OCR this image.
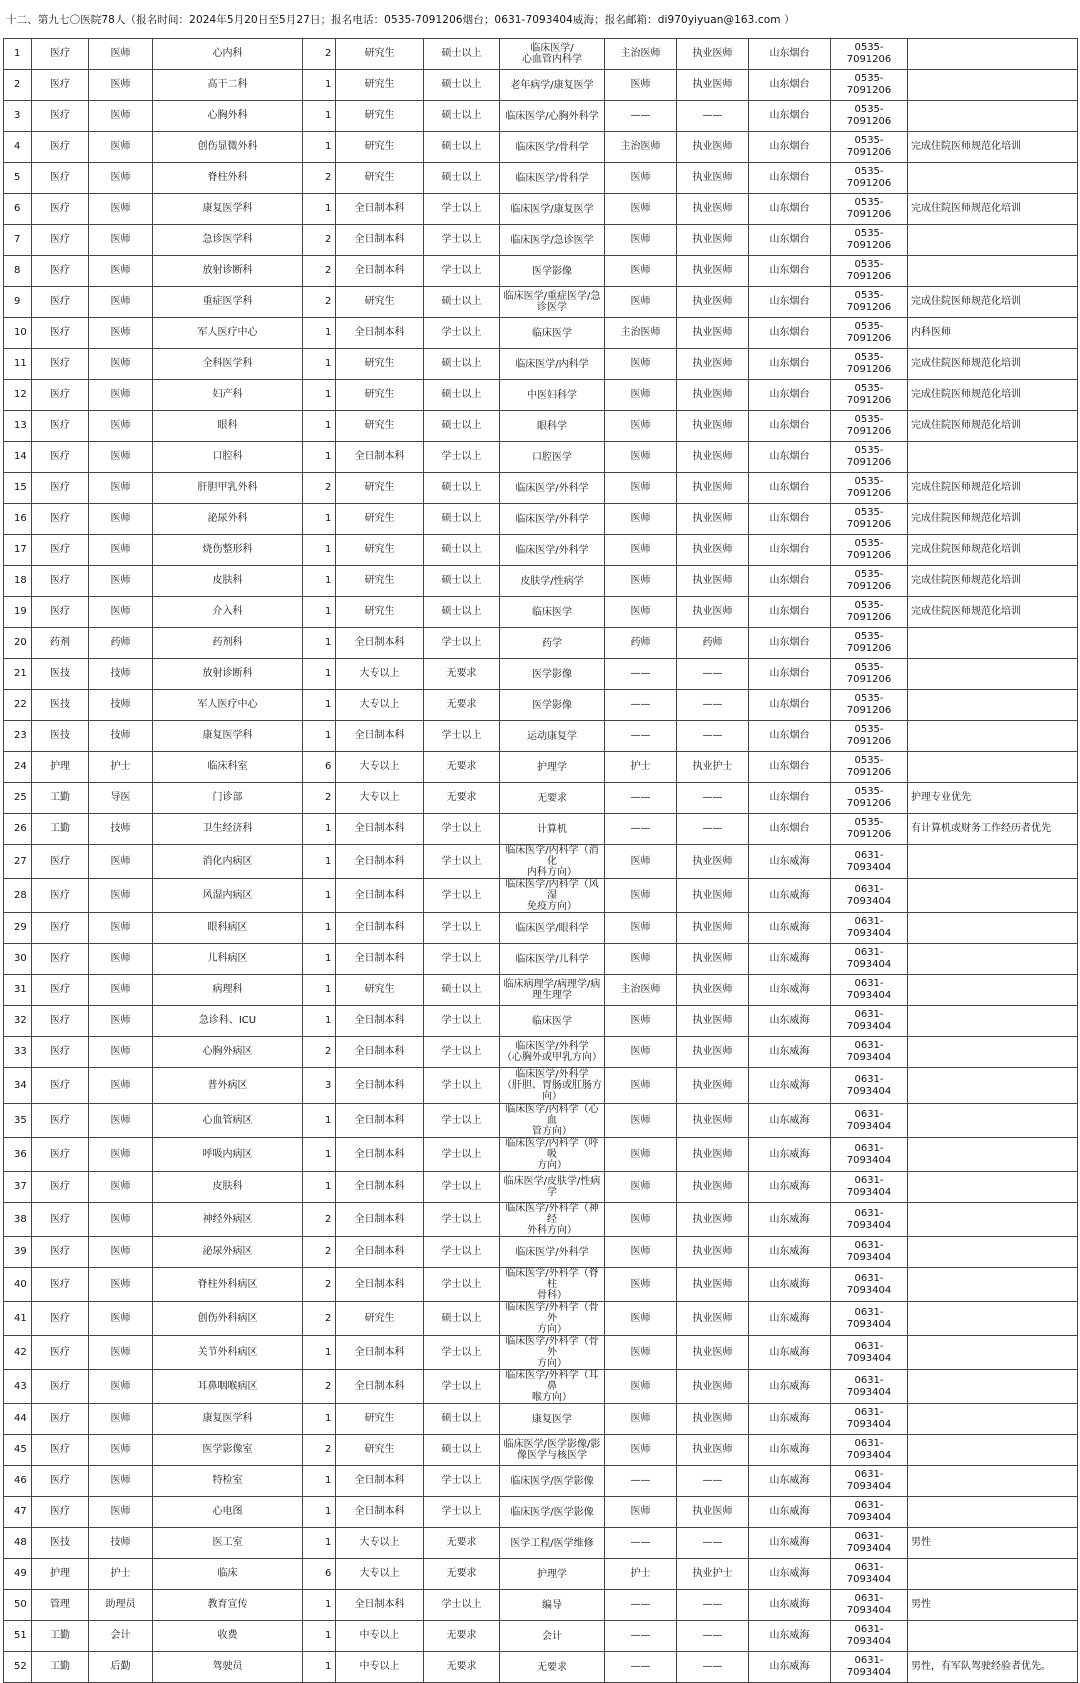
十二、第九七〇医院78人（报名时间：2024年5月20日至5月27日；报名电话：0535-7091206烟台；0631-7093404威海；报名邮箱：di970yiyuan@163.com ）
1	医疗	医师	心内科	2	研究生	硕士以上	临床医学/
心血管内科学	主治医师	执业医师	山东烟台	0535-7091206	
2	医疗	医师	高干二科	1	研究生	硕士以上	老年病学/康复医学	医师	执业医师	山东烟台	0535-7091206	
3	医疗	医师	心胸外科	1	研究生	硕士以上	临床医学/心胸外科学	——	——	山东烟台	0535-7091206	
4	医疗	医师	创伤显微外科	1	研究生	硕士以上	临床医学/骨科学	主治医师	执业医师	山东烟台	0535-7091206	完成住院医师规范化培训
5	医疗	医师	脊柱外科	2	研究生	硕士以上	临床医学/骨科学	医师	执业医师	山东烟台	0535-7091206	
6	医疗	医师	康复医学科	1	全日制本科	学士以上	临床医学/康复医学	医师	执业医师	山东烟台	0535-7091206	完成住院医师规范化培训
7	医疗	医师	急诊医学科	2	全日制本科	学士以上	临床医学/急诊医学	医师	执业医师	山东烟台	0535-7091206	
8	医疗	医师	放射诊断科	2	全日制本科	学士以上	医学影像	医师	执业医师	山东烟台	0535-7091206	
9	医疗	医师	重症医学科	2	研究生	硕士以上	临床医学/重症医学/急
诊医学	医师	执业医师	山东烟台	0535-7091206	完成住院医师规范化培训
10	医疗	医师	军人医疗中心	1	全日制本科	学士以上	临床医学	主治医师	执业医师	山东烟台	0535-7091206	内科医师
11	医疗	医师	全科医学科	1	研究生	硕士以上	临床医学/内科学	医师	执业医师	山东烟台	0535-7091206	完成住院医师规范化培训
12	医疗	医师	妇产科	1	研究生	硕士以上	中医妇科学	医师	执业医师	山东烟台	0535-7091206	完成住院医师规范化培训
13	医疗	医师	眼科	1	研究生	硕士以上	眼科学	医师	执业医师	山东烟台	0535-7091206	完成住院医师规范化培训
14	医疗	医师	口腔科	1	全日制本科	学士以上	口腔医学	医师	执业医师	山东烟台	0535-7091206	
15	医疗	医师	肝胆甲乳外科	2	研究生	硕士以上	临床医学/外科学	医师	执业医师	山东烟台	0535-7091206	完成住院医师规范化培训
16	医疗	医师	泌尿外科	1	研究生	硕士以上	临床医学/外科学	医师	执业医师	山东烟台	0535-7091206	完成住院医师规范化培训
17	医疗	医师	烧伤整形科	1	研究生	硕士以上	临床医学/外科学	医师	执业医师	山东烟台	0535-7091206	完成住院医师规范化培训
18	医疗	医师	皮肤科	1	研究生	硕士以上	皮肤学/性病学	医师	执业医师	山东烟台	0535-7091206	完成住院医师规范化培训
19	医疗	医师	介入科	1	研究生	硕士以上	临床医学	医师	执业医师	山东烟台	0535-7091206	完成住院医师规范化培训
20	药剂	药师	药剂科	1	全日制本科	学士以上	药学	药师	药师	山东烟台	0535-7091206	
21	医技	技师	放射诊断科	1	大专以上	无要求	医学影像	——	——	山东烟台	0535-7091206	
22	医技	技师	军人医疗中心	1	大专以上	无要求	医学影像	——	——	山东烟台	0535-7091206	
23	医技	技师	康复医学科	1	全日制本科	学士以上	运动康复学	——	——	山东烟台	0535-7091206	
24	护理	护士	临床科室	6	大专以上	无要求	护理学	护士	执业护士	山东烟台	0535-7091206	
25	工勤	导医	门诊部	2	大专以上	无要求	无要求	——	——	山东烟台	0535-7091206	护理专业优先
26	工勤	技师	卫生经济科	1	全日制本科	学士以上	计算机	——	——	山东烟台	0535-7091206	有计算机或财务工作经历者优先
27	医疗	医师	消化内病区	1	全日制本科	学士以上	临床医学/内科学（消化
内科方向）	医师	执业医师	山东威海	0631-7093404	
28	医疗	医师	风湿内病区	1	全日制本科	学士以上	临床医学/内科学（风湿
免疫方向）	医师	执业医师	山东威海	0631-7093404	
29	医疗	医师	眼科病区	1	全日制本科	学士以上	临床医学/眼科学	医师	执业医师	山东威海	0631-7093404	
30	医疗	医师	儿科病区	1	全日制本科	学士以上	临床医学/儿科学	医师	执业医师	山东威海	0631-7093404	
31	医疗	医师	病理科	1	研究生	硕士以上	临床病理学/病理学/病
理生理学	主治医师	执业医师	山东威海	0631-7093404	
32	医疗	医师	急诊科、ICU	1	全日制本科	学士以上	临床医学	医师	执业医师	山东威海	0631-7093404	
33	医疗	医师	心胸外病区	2	全日制本科	学士以上	临床医学/外科学
（心胸外或甲乳方向）	医师	执业医师	山东威海	0631-7093404	
34	医疗	医师	普外病区	3	全日制本科	学士以上	临床医学/外科学
（肝胆、胃肠或肛肠方
向）	医师	执业医师	山东威海	0631-7093404	
35	医疗	医师	心血管病区	1	全日制本科	学士以上	临床医学/内科学（心血
管方向）	医师	执业医师	山东威海	0631-7093404	
36	医疗	医师	呼吸内病区	1	全日制本科	学士以上	临床医学/内科学（呼吸
方向）	医师	执业医师	山东威海	0631-7093404	
37	医疗	医师	皮肤科	1	全日制本科	学士以上	临床医学/皮肤学/性病
学	医师	执业医师	山东威海	0631-7093404	
38	医疗	医师	神经外病区	2	全日制本科	学士以上	临床医学/外科学（神经
外科方向）	医师	执业医师	山东威海	0631-7093404	
39	医疗	医师	泌尿外病区	2	全日制本科	学士以上	临床医学/外科学	医师	执业医师	山东威海	0631-7093404	
40	医疗	医师	脊柱外科病区	2	全日制本科	学士以上	临床医学/外科学（脊柱
骨科）	医师	执业医师	山东威海	0631-7093404	
41	医疗	医师	创伤外科病区	2	研究生	硕士以上	临床医学/外科学（骨外
方向）	医师	执业医师	山东威海	0631-7093404	
42	医疗	医师	关节外科病区	1	全日制本科	学士以上	临床医学/外科学（骨外
方向）	医师	执业医师	山东威海	0631-7093404	
43	医疗	医师	耳鼻咽喉病区	2	全日制本科	学士以上	临床医学/外科学（耳鼻
喉方向）	医师	执业医师	山东威海	0631-7093404	
44	医疗	医师	康复医学科	1	研究生	硕士以上	康复医学	医师	执业医师	山东威海	0631-7093404	
45	医疗	医师	医学影像室	2	研究生	硕士以上	临床医学/医学影像/影
像医学与核医学	医师	执业医师	山东威海	0631-7093404	
46	医疗	医师	特检室	1	全日制本科	学士以上	临床医学/医学影像	——	——	山东威海	0631-7093404	
47	医疗	医师	心电图	1	全日制本科	学士以上	临床医学/医学影像	医师	执业医师	山东威海	0631-7093404	
48	医技	技师	医工室	1	大专以上	无要求	医学工程/医学维修	——	——	山东威海	0631-7093404	男性
49	护理	护士	临床	6	大专以上	无要求	护理学	护士	执业护士	山东威海	0631-7093404	
50	管理	助理员	教育宣传	1	全日制本科	学士以上	编导	——	——	山东威海	0631-7093404	男性
51	工勤	会计	收费	1	中专以上	无要求	会计	——	——	山东威海	0631-7093404	
52	工勤	后勤	驾驶员	1	中专以上	无要求	无要求	——	——	山东威海	0631-7093404	男性，有军队驾驶经验者优先。
